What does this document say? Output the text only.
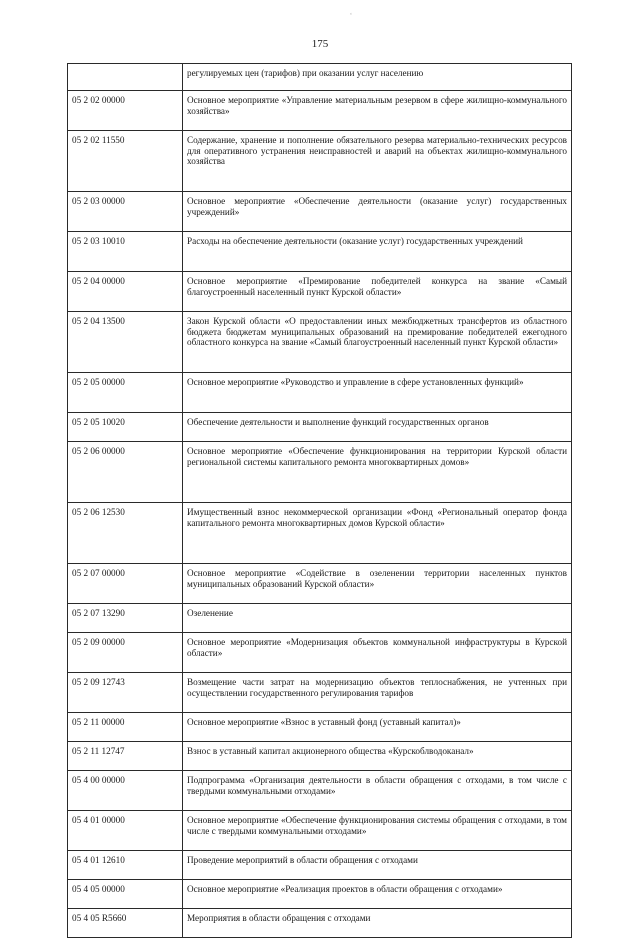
‘
175
	регулируемых цен (тарифов) при оказании услуг населению
05 2 02 00000	Основное мероприятие «Управление материальным резервом в сфере жилищно-коммунального хозяйства»
05 2 02 11550	Содержание, хранение и пополнение обязательного резерва материально-технических ресурсов для оперативного устранения неисправностей и аварий на объектах жилищно-коммунального хозяйства
05 2 03 00000	Основное мероприятие «Обеспечение деятельности (оказание услуг) государственных учреждений»
05 2 03 10010	Расходы на обеспечение деятельности (оказание услуг) государственных учреждений
05 2 04 00000	Основное мероприятие «Премирование победителей конкурса на звание «Самый благоустроенный населенный пункт Курской области»
05 2 04 13500	Закон Курской области «О предоставлении иных межбюджетных трансфертов из областного бюджета бюджетам муниципальных образований на премирование победителей ежегодного областного конкурса на звание «Самый благоустроенный населенный пункт Курской области»
05 2 05 00000	Основное мероприятие «Руководство и управление в сфере установленных функций»
05 2 05 10020	Обеспечение деятельности и выполнение функций государственных органов
05 2 06 00000	Основное мероприятие «Обеспечение функционирования на территории Курской области региональной системы капитального ремонта многоквартирных домов»
05 2 06 12530	Имущественный взнос некоммерческой организации «Фонд «Региональный оператор фонда капитального ремонта многоквартирных домов Курской области»
05 2 07 00000	Основное мероприятие «Содействие в озеленении территории населенных пунктов муниципальных образований Курской области»
05 2 07 13290	Озеленение
05 2 09 00000	Основное мероприятие «Модернизация объектов коммунальной инфраструктуры в Курской области»
05 2 09 12743	Возмещение части затрат на модернизацию объектов теплоснабжения, не учтенных при осуществлении государственного регулирования тарифов
05 2 11 00000	Основное мероприятие «Взнос в уставный фонд (уставный капитал)»
05 2 11 12747	Взнос в уставный капитал акционерного общества «Курскоблводоканал»
05 4 00 00000	Подпрограмма «Организация деятельности в области обращения с отходами, в том числе с твердыми коммунальными отходами»
05 4 01 00000	Основное мероприятие «Обеспечение функционирования системы обращения с отходами, в том числе с твердыми коммунальными отходами»
05 4 01 12610	Проведение мероприятий в области обращения с отходами
05 4 05 00000	Основное мероприятие «Реализация проектов в области обращения с отходами»
05 4 05 R5660	Мероприятия в области обращения с отходами
